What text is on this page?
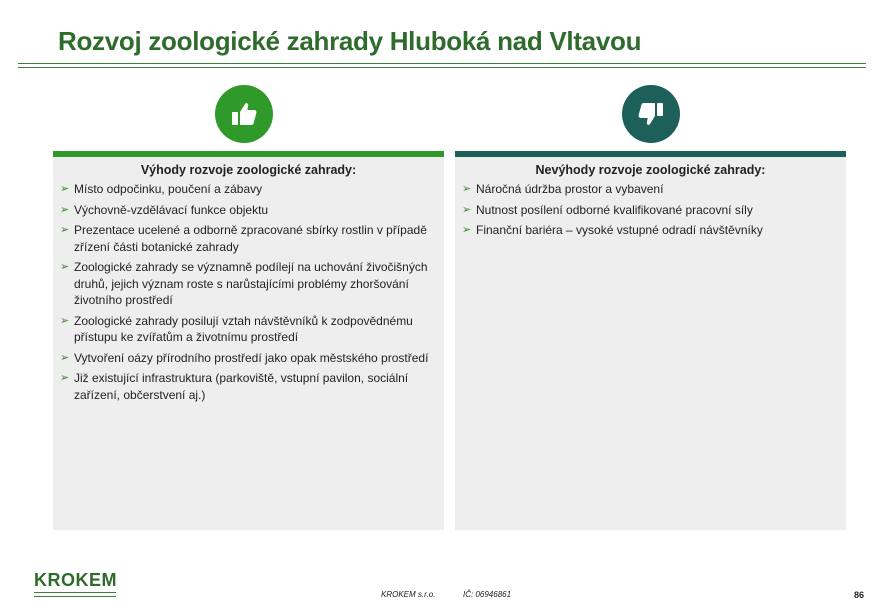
Rozvoj zoologické zahrady Hluboká nad Vltavou
Výhody rozvoje zoologické zahrady:
➢ Místo odpočinku, poučení a zábavy
➢ Výchovně-vzdělávací funkce objektu
➢ Prezentace ucelené a odborně zpracované sbírky rostlin v případě zřízení části botanické zahrady
➢ Zoologické zahrady se významně podílejí na uchování živočišných druhů, jejich význam roste s narůstajícími problémy zhoršování životního prostředí
➢ Zoologické zahrady posilují vztah návštěvníků k zodpovědnému přístupu ke zvířatům a životnímu prostředí
➢ Vytvoření oázy přírodního prostředí jako opak městského prostředí
➢ Již existující infrastruktura (parkoviště, vstupní pavilon, sociální zařízení, občerstvení aj.)
Nevýhody rozvoje zoologické zahrady:
➢ Náročná údržba prostor a vybavení
➢ Nutnost posílení odborné kvalifikované pracovní síly
➢ Finanční bariéra – vysoké vstupné odradí návštěvníky
KROKEM
KROKEM s.r.o.	IČ: 06946861	86
